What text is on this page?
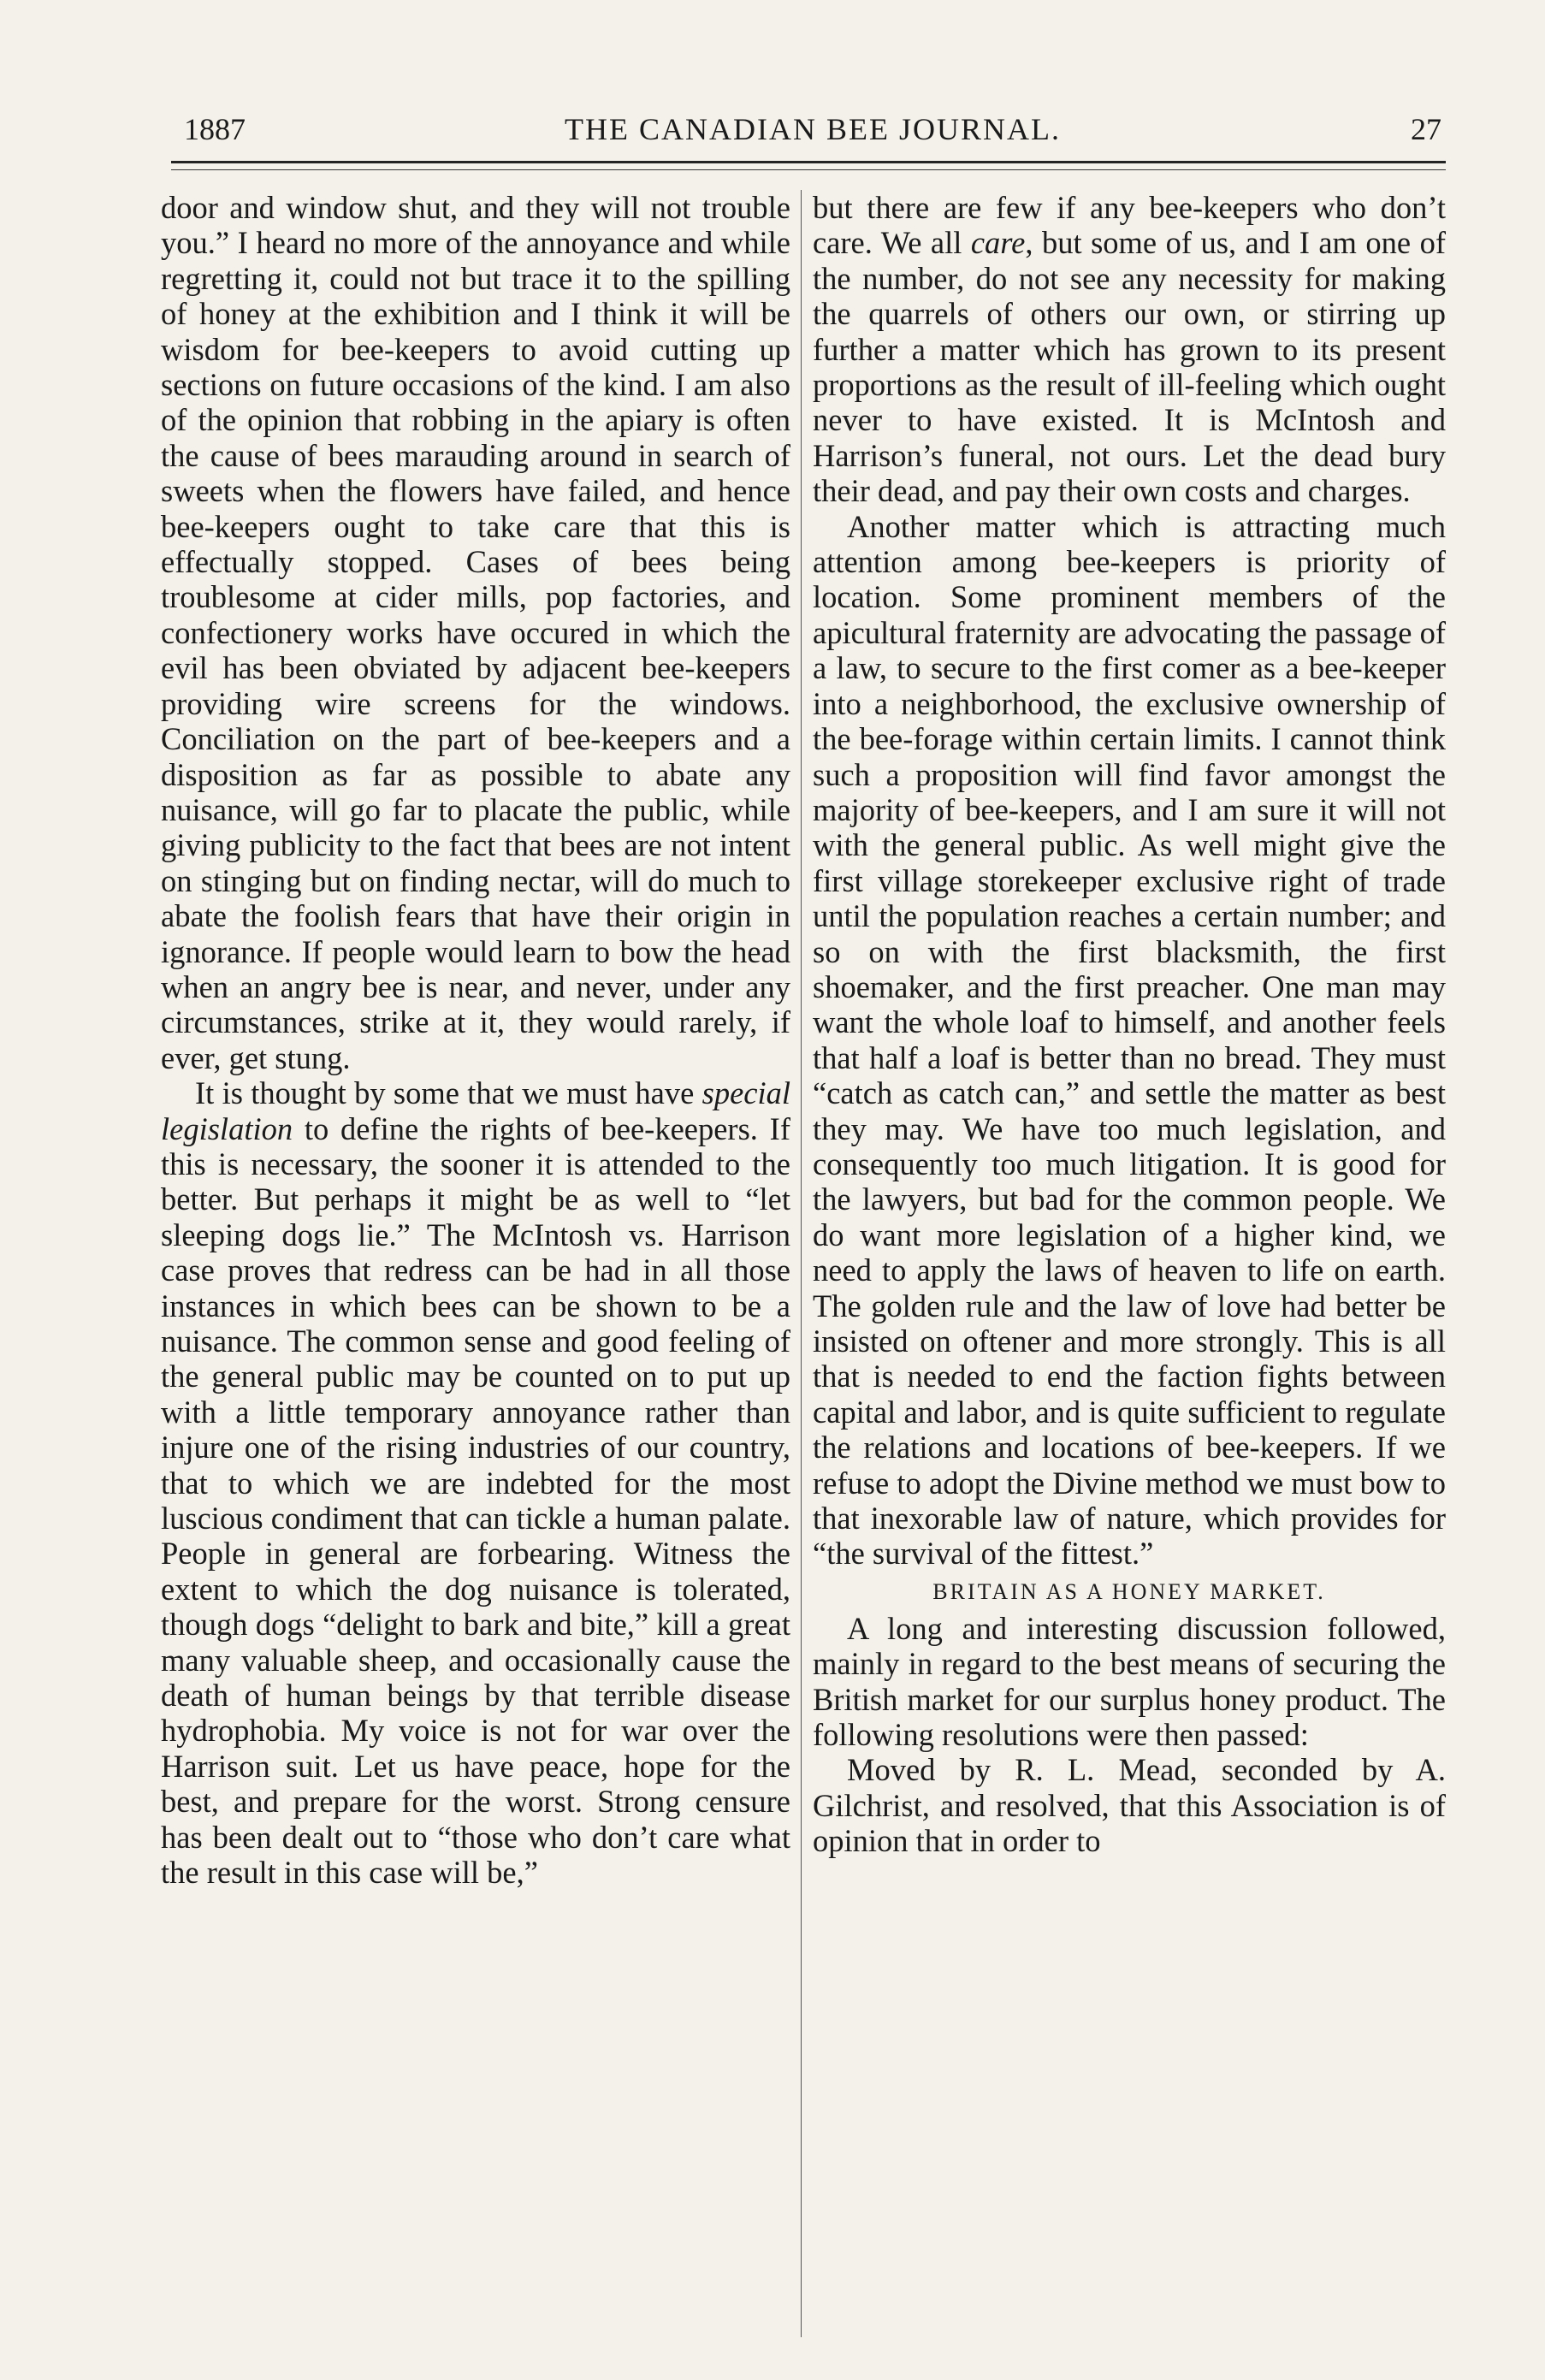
1887	THE CANADIAN BEE JOURNAL.	27

door and window shut, and they will not trouble you.” I heard no more of the annoyance and while regretting it, could not but trace it to the spilling of honey at the exhibition and I think it will be wisdom for bee-keepers to avoid cutting up sections on future occasions of the kind. I am also of the opinion that robbing in the apiary is often the cause of bees marauding around in search of sweets when the flowers have failed, and hence bee-keepers ought to take care that this is effectually stopped. Cases of bees being troublesome at cider mills, pop factories, and confectionery works have occured in which the evil has been obviated by adjacent bee-keepers providing wire screens for the windows. Conciliation on the part of bee-keepers and a disposition as far as possible to abate any nuisance, will go far to placate the public, while giving publicity to the fact that bees are not intent on stinging but on finding nectar, will do much to abate the foolish fears that have their origin in ignorance. If people would learn to bow the head when an angry bee is near, and never, under any circumstances, strike at it, they would rarely, if ever, get stung.

It is thought by some that we must have special legislation to define the rights of bee-keepers. If this is necessary, the sooner it is attended to the better. But perhaps it might be as well to “let sleeping dogs lie.” The McIntosh vs. Harrison case proves that redress can be had in all those instances in which bees can be shown to be a nuisance. The common sense and good feeling of the general public may be counted on to put up with a little temporary annoyance rather than injure one of the rising industries of our country, that to which we are indebted for the most luscious condiment that can tickle a human palate. People in general are forbearing. Witness the extent to which the dog nuisance is tolerated, though dogs “delight to bark and bite,” kill a great many valuable sheep, and occasionally cause the death of human beings by that terrible disease hydrophobia. My voice is not for war over the Harrison suit. Let us have peace, hope for the best, and prepare for the worst. Strong censure has been dealt out to “those who don’t care what the result in this case will be,”

but there are few if any bee-keepers who don’t care. We all care, but some of us, and I am one of the number, do not see any necessity for making the quarrels of others our own, or stirring up further a matter which has grown to its present proportions as the result of ill-feeling which ought never to have existed. It is McIntosh and Harrison’s funeral, not ours. Let the dead bury their dead, and pay their own costs and charges.

Another matter which is attracting much attention among bee-keepers is priority of location. Some prominent members of the apicultural fraternity are advocating the passage of a law, to secure to the first comer as a bee-keeper into a neighborhood, the exclusive ownership of the bee-forage within certain limits. I cannot think such a proposition will find favor amongst the majority of bee-keepers, and I am sure it will not with the general public. As well might give the first village storekeeper exclusive right of trade until the population reaches a certain number; and so on with the first blacksmith, the first shoemaker, and the first preacher. One man may want the whole loaf to himself, and another feels that half a loaf is better than no bread. They must “catch as catch can,” and settle the matter as best they may. We have too much legislation, and consequently too much litigation. It is good for the lawyers, but bad for the common people. We do want more legislation of a higher kind, we need to apply the laws of heaven to life on earth. The golden rule and the law of love had better be insisted on oftener and more strongly. This is all that is needed to end the faction fights between capital and labor, and is quite sufficient to regulate the relations and locations of bee-keepers. If we refuse to adopt the Divine method we must bow to that inexorable law of nature, which provides for “the survival of the fittest.”

BRITAIN AS A HONEY MARKET.

A long and interesting discussion followed, mainly in regard to the best means of securing the British market for our surplus honey product. The following resolutions were then passed:

Moved by R. L. Mead, seconded by A. Gilchrist, and resolved, that this Association is of opinion that in order to
